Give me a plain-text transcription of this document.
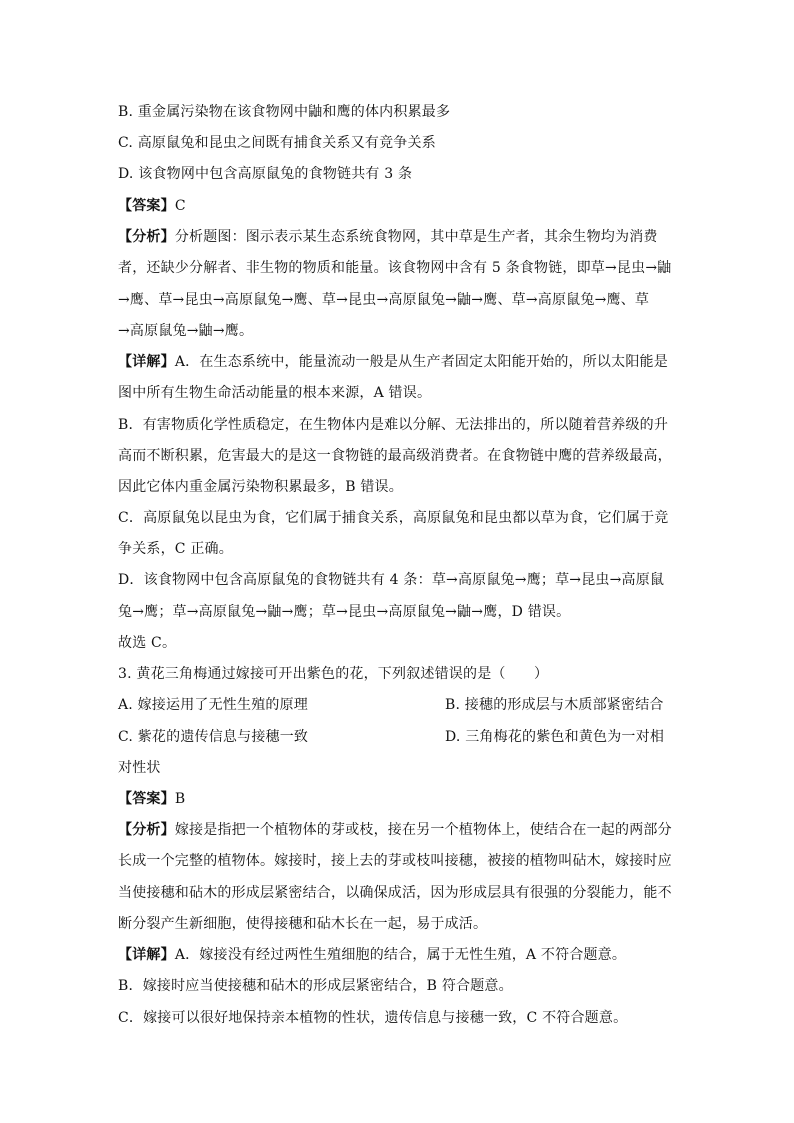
B. 重金属污染物在该食物网中鼬和鹰的体内积累最多
C. 高原鼠兔和昆虫之间既有捕食关系又有竞争关系
D. 该食物网中包含高原鼠兔的食物链共有 3 条
【答案】C
【分析】分析题图：图示表示某生态系统食物网，其中草是生产者，其余生物均为消费
者，还缺少分解者、非生物的物质和能量。该食物网中含有 5 条食物链，即草→昆虫→鼬
→鹰、草→昆虫→高原鼠兔→鹰、草→昆虫→高原鼠兔→鼬→鹰、草→高原鼠兔→鹰、草
→高原鼠兔→鼬→鹰。
【详解】A．在生态系统中，能量流动一般是从生产者固定太阳能开始的，所以太阳能是
图中所有生物生命活动能量的根本来源，A 错误。
B．有害物质化学性质稳定，在生物体内是难以分解、无法排出的，所以随着营养级的升
高而不断积累，危害最大的是这一食物链的最高级消费者。在食物链中鹰的营养级最高，
因此它体内重金属污染物积累最多，B 错误。
C．高原鼠兔以昆虫为食，它们属于捕食关系，高原鼠兔和昆虫都以草为食，它们属于竞
争关系，C 正确。
D．该食物网中包含高原鼠兔的食物链共有 4 条：草→高原鼠兔→鹰；草→昆虫→高原鼠
兔→鹰；草→高原鼠兔→鼬→鹰；草→昆虫→高原鼠兔→鼬→鹰，D 错误。
故选 C。
3. 黄花三角梅通过嫁接可开出紫色的花，下列叙述错误的是（　　）
A. 嫁接运用了无性生殖的原理	B. 接穗的形成层与木质部紧密结合
C. 紫花的遗传信息与接穗一致	D. 三角梅花的紫色和黄色为一对相
对性状
【答案】B
【分析】嫁接是指把一个植物体的芽或枝，接在另一个植物体上，使结合在一起的两部分
长成一个完整的植物体。嫁接时，接上去的芽或枝叫接穗，被接的植物叫砧木，嫁接时应
当使接穗和砧木的形成层紧密结合，以确保成活，因为形成层具有很强的分裂能力，能不
断分裂产生新细胞，使得接穗和砧木长在一起，易于成活。
【详解】A．嫁接没有经过两性生殖细胞的结合，属于无性生殖，A 不符合题意。
B．嫁接时应当使接穗和砧木的形成层紧密结合，B 符合题意。
C．嫁接可以很好地保持亲本植物的性状，遗传信息与接穗一致，C 不符合题意。
